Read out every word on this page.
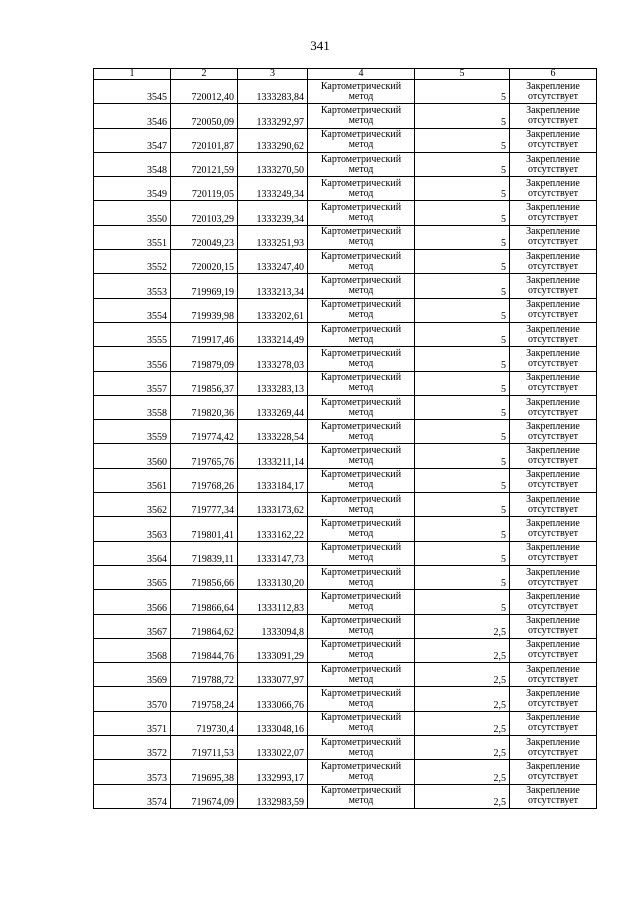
341
1	2	3	4	5	6
3545	720012,40	1333283,84	Картометрический
метод	5	Закрепление
отсутствует

3546	720050,09	1333292,97	Картометрический
метод	5	Закрепление
отсутствует

3547	720101,87	1333290,62	Картометрический
метод	5	Закрепление
отсутствует

3548	720121,59	1333270,50	Картометрический
метод	5	Закрепление
отсутствует

3549	720119,05	1333249,34	Картометрический
метод	5	Закрепление
отсутствует

3550	720103,29	1333239,34	Картометрический
метод	5	Закрепление
отсутствует

3551	720049,23	1333251,93	Картометрический
метод	5	Закрепление
отсутствует

3552	720020,15	1333247,40	Картометрический
метод	5	Закрепление
отсутствует

3553	719969,19	1333213,34	Картометрический
метод	5	Закрепление
отсутствует

3554	719939,98	1333202,61	Картометрический
метод	5	Закрепление
отсутствует

3555	719917,46	1333214,49	Картометрический
метод	5	Закрепление
отсутствует

3556	719879,09	1333278,03	Картометрический
метод	5	Закрепление
отсутствует

3557	719856,37	1333283,13	Картометрический
метод	5	Закрепление
отсутствует

3558	719820,36	1333269,44	Картометрический
метод	5	Закрепление
отсутствует

3559	719774,42	1333228,54	Картометрический
метод	5	Закрепление
отсутствует

3560	719765,76	1333211,14	Картометрический
метод	5	Закрепление
отсутствует

3561	719768,26	1333184,17	Картометрический
метод	5	Закрепление
отсутствует

3562	719777,34	1333173,62	Картометрический
метод	5	Закрепление
отсутствует

3563	719801,41	1333162,22	Картометрический
метод	5	Закрепление
отсутствует

3564	719839,11	1333147,73	Картометрический
метод	5	Закрепление
отсутствует

3565	719856,66	1333130,20	Картометрический
метод	5	Закрепление
отсутствует

3566	719866,64	1333112,83	Картометрический
метод	5	Закрепление
отсутствует

3567	719864,62	1333094,8	Картометрический
метод	2,5	Закрепление
отсутствует

3568	719844,76	1333091,29	Картометрический
метод	2,5	Закрепление
отсутствует

3569	719788,72	1333077,97	Картометрический
метод	2,5	Закрепление
отсутствует

3570	719758,24	1333066,76	Картометрический
метод	2,5	Закрепление
отсутствует

3571	719730,4	1333048,16	Картометрический
метод	2,5	Закрепление
отсутствует

3572	719711,53	1333022,07	Картометрический
метод	2,5	Закрепление
отсутствует

3573	719695,38	1332993,17	Картометрический
метод	2,5	Закрепление
отсутствует

3574	719674,09	1332983,59	Картометрический
метод	2,5	Закрепление
отсутствует
